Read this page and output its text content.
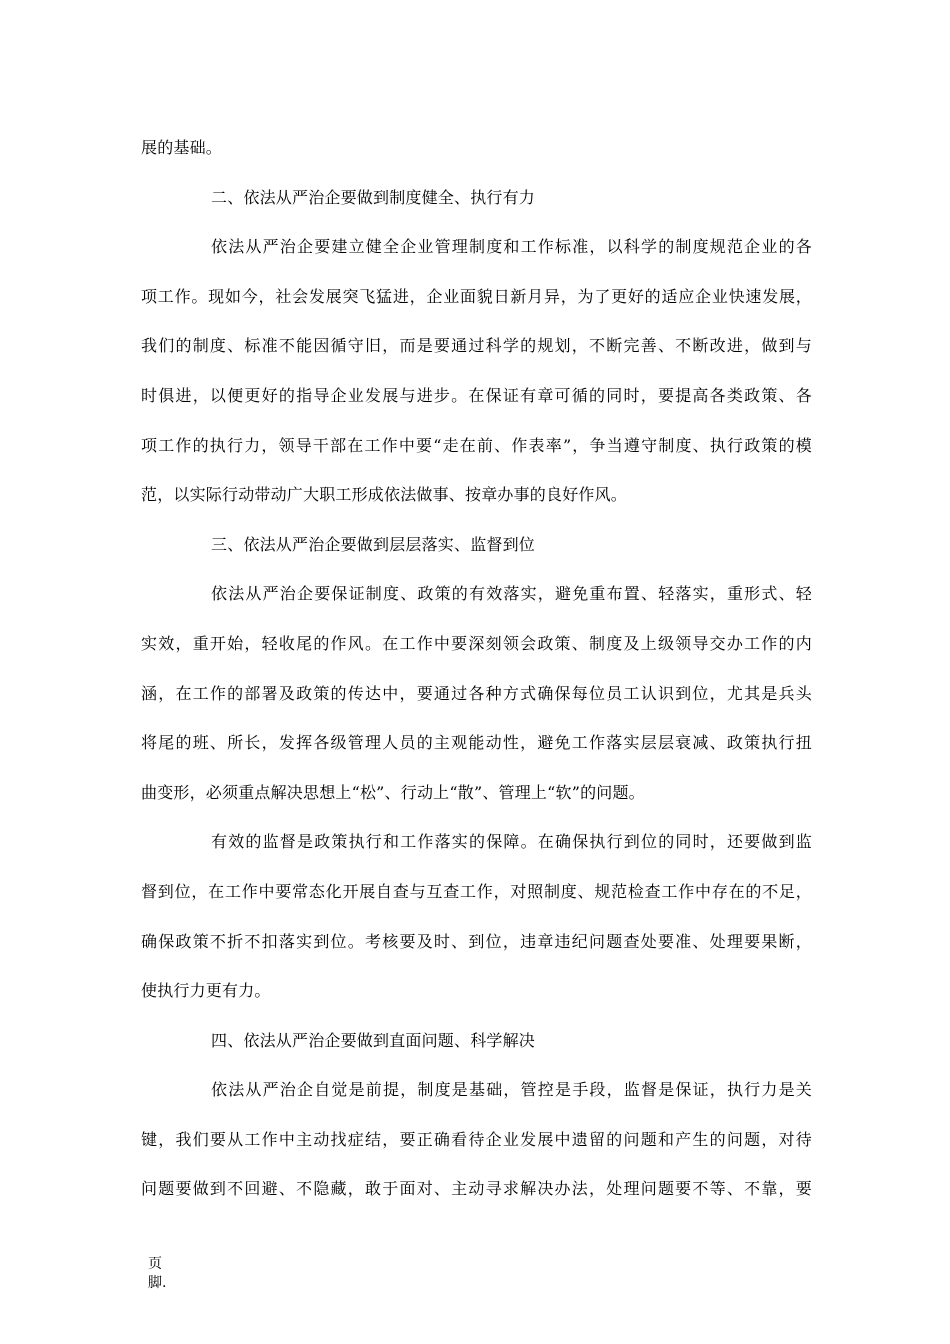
展的基础。
二、依法从严治企要做到制度健全、执行有力
依法从严治企要建立健全企业管理制度和工作标准，以科学的制度规范企业的各
项工作。现如今，社会发展突飞猛进，企业面貌日新月异，为了更好的适应企业快速发展，
我们的制度、标准不能因循守旧，而是要通过科学的规划，不断完善、不断改进，做到与
时俱进，以便更好的指导企业发展与进步。在保证有章可循的同时，要提高各类政策、各
项工作的执行力，领导干部在工作中要“走在前、作表率”，争当遵守制度、执行政策的模
范，以实际行动带动广大职工形成依法做事、按章办事的良好作风。
三、依法从严治企要做到层层落实、监督到位
依法从严治企要保证制度、政策的有效落实，避免重布置、轻落实，重形式、轻
实效，重开始，轻收尾的作风。在工作中要深刻领会政策、制度及上级领导交办工作的内
涵，在工作的部署及政策的传达中，要通过各种方式确保每位员工认识到位，尤其是兵头
将尾的班、所长，发挥各级管理人员的主观能动性，避免工作落实层层衰减、政策执行扭
曲变形，必须重点解决思想上“松”、行动上“散”、管理上“软”的问题。
有效的监督是政策执行和工作落实的保障。在确保执行到位的同时，还要做到监
督到位，在工作中要常态化开展自查与互查工作，对照制度、规范检查工作中存在的不足，
确保政策不折不扣落实到位。考核要及时、到位，违章违纪问题查处要准、处理要果断，
使执行力更有力。
四、依法从严治企要做到直面问题、科学解决
依法从严治企自觉是前提，制度是基础，管控是手段，监督是保证，执行力是关
键，我们要从工作中主动找症结，要正确看待企业发展中遗留的问题和产生的问题，对待
问题要做到不回避、不隐藏，敢于面对、主动寻求解决办法，处理问题要不等、不靠，要
页
脚.
